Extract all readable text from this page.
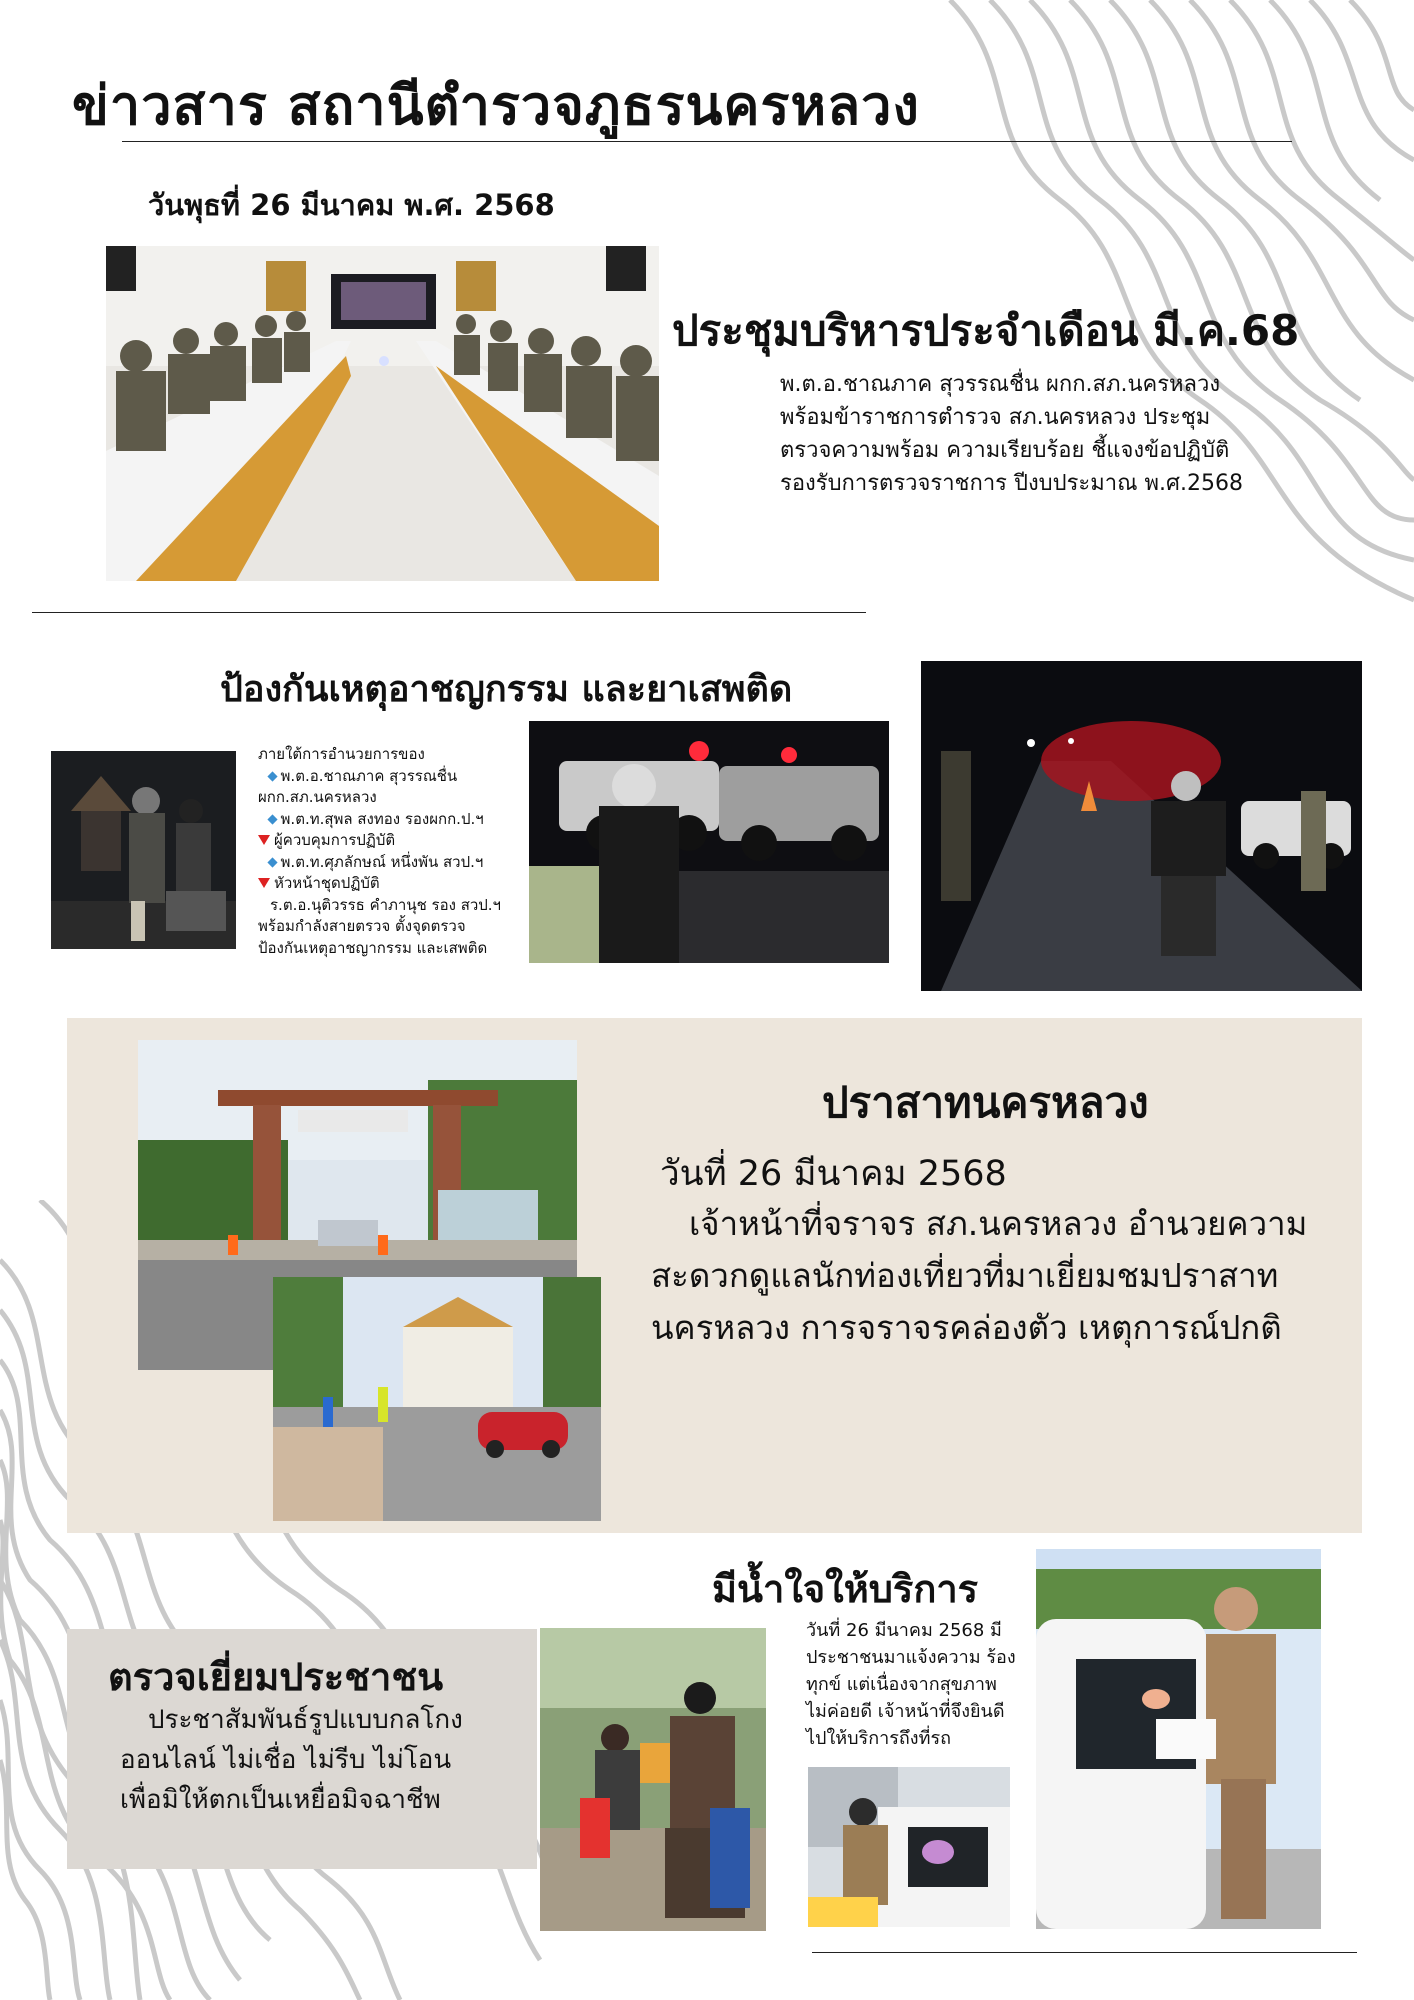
ข่าวสาร สถานีตำรวจภูธรนครหลวง
วันพุธที่ 26 มีนาคม พ.ศ. 2568
ประชุมบริหารประจำเดือน มี.ค.68
พ.ต.อ.ชาณภาค สุวรรณชื่น ผกก.สภ.นครหลวง
พร้อมข้าราชการตำรวจ สภ.นครหลวง ประชุม
ตรวจความพร้อม ความเรียบร้อย ชี้แจงข้อปฏิบัติ
รองรับการตรวจราชการ ปีงบประมาณ พ.ศ.2568
ป้องกันเหตุอาชญกรรม และยาเสพติด
ภายใต้การอำนวยการของ
พ.ต.อ.ชาณภาค สุวรรณชื่น
ผกก.สภ.นครหลวง
พ.ต.ท.สุพล สงทอง รองผกก.ป.ฯ
ผู้ควบคุมการปฏิบัติ
พ.ต.ท.ศุภลักษณ์ หนึ่งพัน สวป.ฯ
หัวหน้าชุดปฏิบัติ
ร.ต.อ.นุติวรรธ คำภานุช รอง สวป.ฯ
พร้อมกำลังสายตรวจ ตั้งจุดตรวจ
ป้องกันเหตุอาชญากรรม และเสพติด
ปราสาทนครหลวง
วันที่ 26 มีนาคม 2568
เจ้าหน้าที่จราจร สภ.นครหลวง อำนวยความ
สะดวกดูแลนักท่องเที่ยวที่มาเยี่ยมชมปราสาท
นครหลวง การจราจรคล่องตัว เหตุการณ์ปกติ
ตรวจเยี่ยมประชาชน
ประชาสัมพันธ์รูปแบบกลโกง
ออนไลน์ ไม่เชื่อ ไม่รีบ ไม่โอน
เพื่อมิให้ตกเป็นเหยื่อมิจฉาชีพ
มีน้ำใจให้บริการ
วันที่ 26 มีนาคม 2568 มี
ประชาชนมาแจ้งความ ร้อง
ทุกข์ แต่เนื่องจากสุขภาพ
ไม่ค่อยดี เจ้าหน้าที่จึงยินดี
ไปให้บริการถึงที่รถ
